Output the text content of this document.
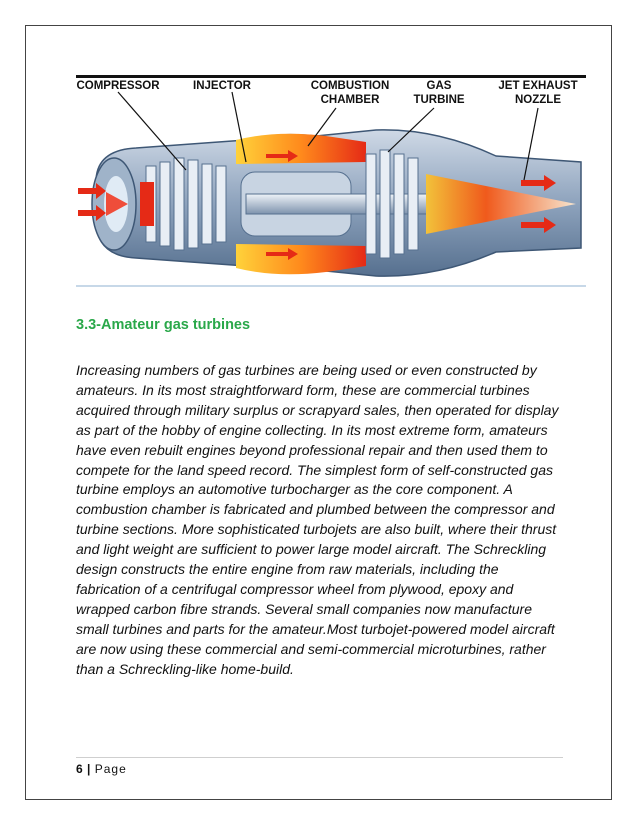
COMPRESSOR	INJECTOR	COMBUSTION
CHAMBER
GAS
TURBINE
JET EXHAUST
NOZZLE
3.3-Amateur gas turbines
Increasing numbers of gas turbines are being used or even constructed by amateurs. In its most straightforward form, these are commercial turbines acquired through military surplus or scrapyard sales, then operated for display as part of the hobby of engine collecting. In its most extreme form, amateurs have even rebuilt engines beyond professional repair and then used them to compete for the land speed record. The simplest form of self-constructed gas turbine employs an automotive turbocharger as the core component. A combustion chamber is fabricated and plumbed between the compressor and turbine sections. More sophisticated turbojets are also built, where their thrust and light weight are sufficient to power large model aircraft. The Schreckling design constructs the entire engine from raw materials, including the fabrication of a centrifugal compressor wheel from plywood, epoxy and wrapped carbon fibre strands. Several small companies now manufacture small turbines and parts for the amateur.Most turbojet-powered model aircraft are now using these commercial and semi-commercial microturbines, rather than a Schreckling-like home-build.
6 | Page
